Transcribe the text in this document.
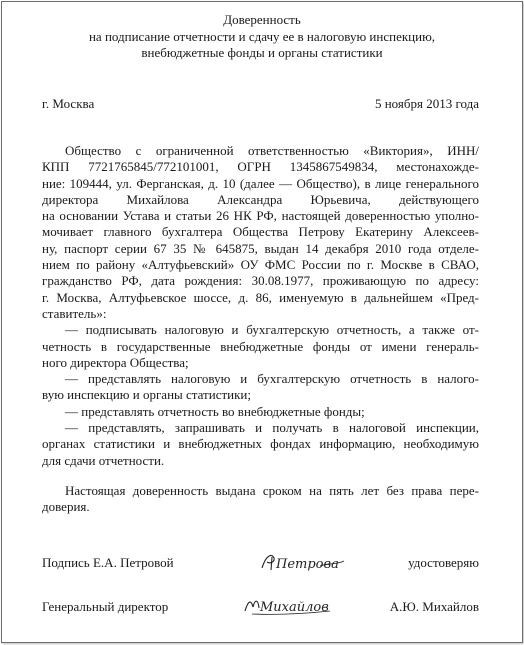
Доверенность
на подписание отчетности и сдачу ее в налоговую инспекцию,
внебюджетные фонды и органы статистики
г. Москва	5 ноября 2013 года
Общество с ограниченной ответственностью «Виктория», ИНН/
КПП 7721765845/772101001, ОГРН 1345867549834, местонахожде-
ние: 109444, ул. Ферганская, д. 10 (далее — Общество), в лице генерального
директора Михайлова Александра Юрьевича, действующего
на основании Устава и статьи 26 НК РФ, настоящей доверенностью уполно-
мочивает главного бухгалтера Общества Петрову Екатерину Алексеев-
ну, паспорт серии 67 35 № 645875, выдан 14 декабря 2010 года отделе-
нием по району «Алтуфьевский» ОУ ФМС России по г. Москве в СВАО,
гражданство РФ, дата рождения: 30.08.1977, проживающую по адресу:
г. Москва, Алтуфьевское шоссе, д. 86, именуемую в дальнейшем «Пред-
ставитель»:
— подписывать налоговую и бухгалтерскую отчетность, а также от-
четность в государственные внебюджетные фонды от имени генераль-
ного директора Общества;
— представлять налоговую и бухгалтерскую отчетность в налого-
вую инспекцию и органы статистики;
— представлять отчетность во внебюджетные фонды;
— представлять, запрашивать и получать в налоговой инспекции,
органах статистики и внебюджетных фондах информацию, необходимую
для сдачи отчетности.
Настоящая доверенность выдана сроком на пять лет без права пере-
доверия.
Подпись Е.А. Петровой	Петрова	удостоверяю
Генеральный директор	Михайлов	А.Ю. Михайлов
